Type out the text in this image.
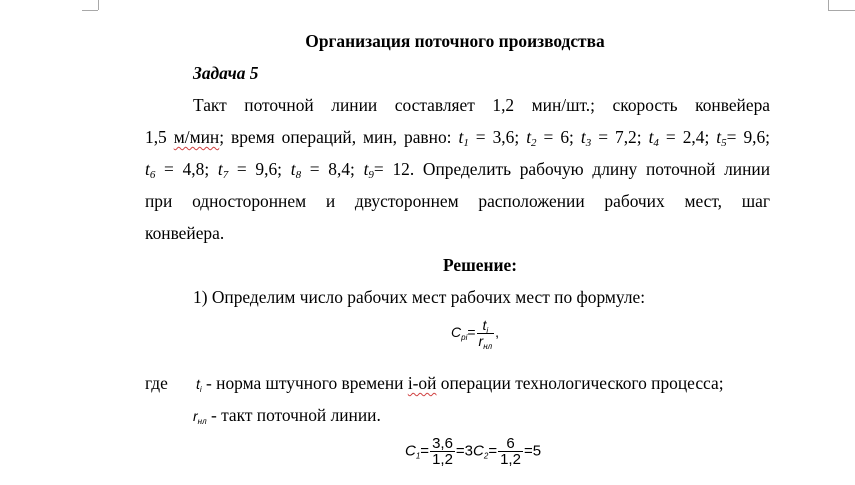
Организация поточного производства
Задача 5
Такт поточной линии составляет 1,2 мин/шт.; скорость конвейера
1,5 м/мин; время операций, мин, равно: $t_1 = 3,6$; $t_2 = 6$; $t_3 = 7,2$; $t_4 = 2,4$; $t_5= 9,6$;
$t_6 = 4,8$; $t_7 = 9,6$; $t_8 = 8,4$; $t_9= 12$. Определить рабочую длину поточной линии
при одностороннем и двустороннем расположении рабочих мест, шаг
конвейера.
Решение:
1) Определим число рабочих мест рабочих мест по формуле:
$C_{pi}= \frac{t_i}{r_{нл}}$ ,
где ti - норма штучного времени i-ой операции технологического процесса;
rнл - такт поточной линии.
$C_1= \frac{3,6}{1,2} =3C_2= \frac{6}{1,2} =5$
